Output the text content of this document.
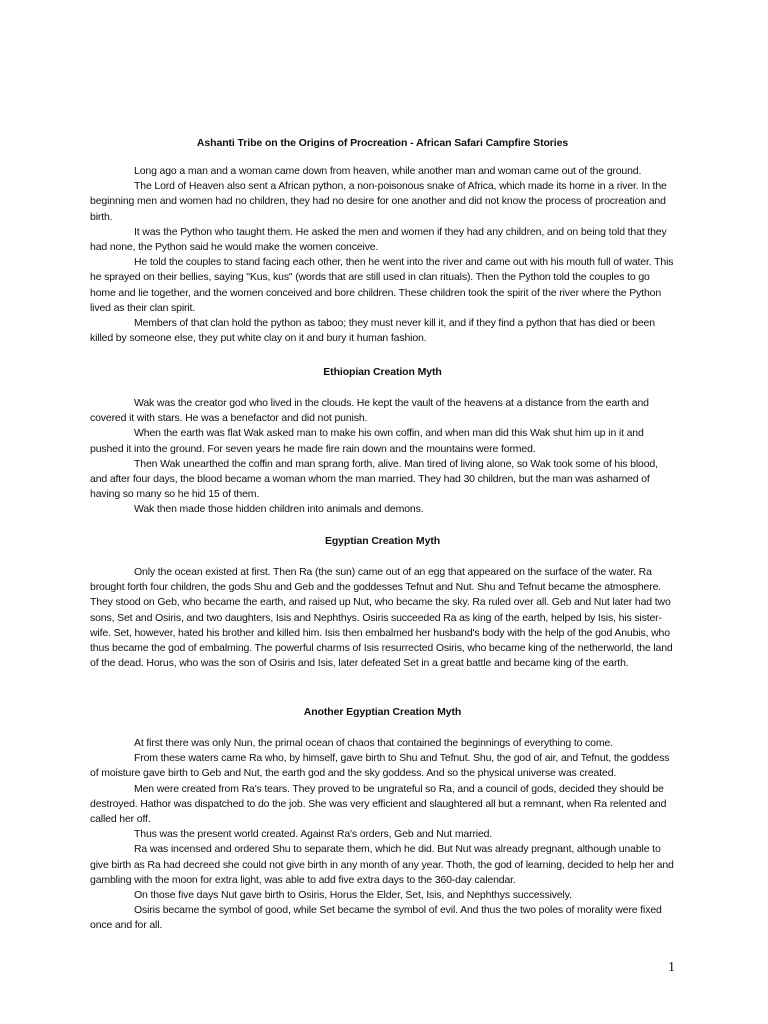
Ashanti Tribe on the Origins of Procreation - African Safari Campfire Stories

Long ago a man and a woman came down from heaven, while another man and woman came out of the ground.

The Lord of Heaven also sent a African python, a non-poisonous snake of Africa, which made its home in a river. In the beginning men and women had no children, they had no desire for one another and did not know the process of procreation and birth.

It was the Python who taught them. He asked the men and women if they had any children, and on being told that they had none, the Python said he would make the women conceive.

He told the couples to stand facing each other, then he went into the river and came out with his mouth full of water. This he sprayed on their bellies, saying "Kus, kus" (words that are still used in clan rituals). Then the Python told the couples to go home and lie together, and the women conceived and bore children. These children took the spirit of the river where the Python lived as their clan spirit.

Members of that clan hold the python as taboo; they must never kill it, and if they find a python that has died or been killed by someone else, they put white clay on it and bury it human fashion.

Ethiopian Creation Myth

Wak was the creator god who lived in the clouds. He kept the vault of the heavens at a distance from the earth and covered it with stars. He was a benefactor and did not punish.

When the earth was flat Wak asked man to make his own coffin, and when man did this Wak shut him up in it and pushed it into the ground. For seven years he made fire rain down and the mountains were formed.

Then Wak unearthed the coffin and man sprang forth, alive. Man tired of living alone, so Wak took some of his blood, and after four days, the blood became a woman whom the man married. They had 30 children, but the man was ashamed of having so many so he hid 15 of them.

Wak then made those hidden children into animals and demons.

Egyptian Creation Myth

Only the ocean existed at first. Then Ra (the sun) came out of an egg that appeared on the surface of the water. Ra brought forth four children, the gods Shu and Geb and the goddesses Tefnut and Nut. Shu and Tefnut became the atmosphere. They stood on Geb, who became the earth, and raised up Nut, who became the sky. Ra ruled over all. Geb and Nut later had two sons, Set and Osiris, and two daughters, Isis and Nephthys. Osiris succeeded Ra as king of the earth, helped by Isis, his sister-wife. Set, however, hated his brother and killed him. Isis then embalmed her husband's body with the help of the god Anubis, who thus became the god of embalming. The powerful charms of Isis resurrected Osiris, who became king of the netherworld, the land of the dead. Horus, who was the son of Osiris and Isis, later defeated Set in a great battle and became king of the earth.

Another Egyptian Creation Myth

At first there was only Nun, the primal ocean of chaos that contained the beginnings of everything to come.

From these waters came Ra who, by himself, gave birth to Shu and Tefnut. Shu, the god of air, and Tefnut, the goddess of moisture gave birth to Geb and Nut, the earth god and the sky goddess. And so the physical universe was created.

Men were created from Ra's tears. They proved to be ungrateful so Ra, and a council of gods, decided they should be destroyed. Hathor was dispatched to do the job. She was very efficient and slaughtered all but a remnant, when Ra relented and called her off.

Thus was the present world created. Against Ra's orders, Geb and Nut married.

Ra was incensed and ordered Shu to separate them, which he did. But Nut was already pregnant, although unable to give birth as Ra had decreed she could not give birth in any month of any year. Thoth, the god of learning, decided to help her and gambling with the moon for extra light, was able to add five extra days to the 360-day calendar.

On those five days Nut gave birth to Osiris, Horus the Elder, Set, Isis, and Nephthys successively.

Osiris became the symbol of good, while Set became the symbol of evil. And thus the two poles of morality were fixed once and for all.

1
